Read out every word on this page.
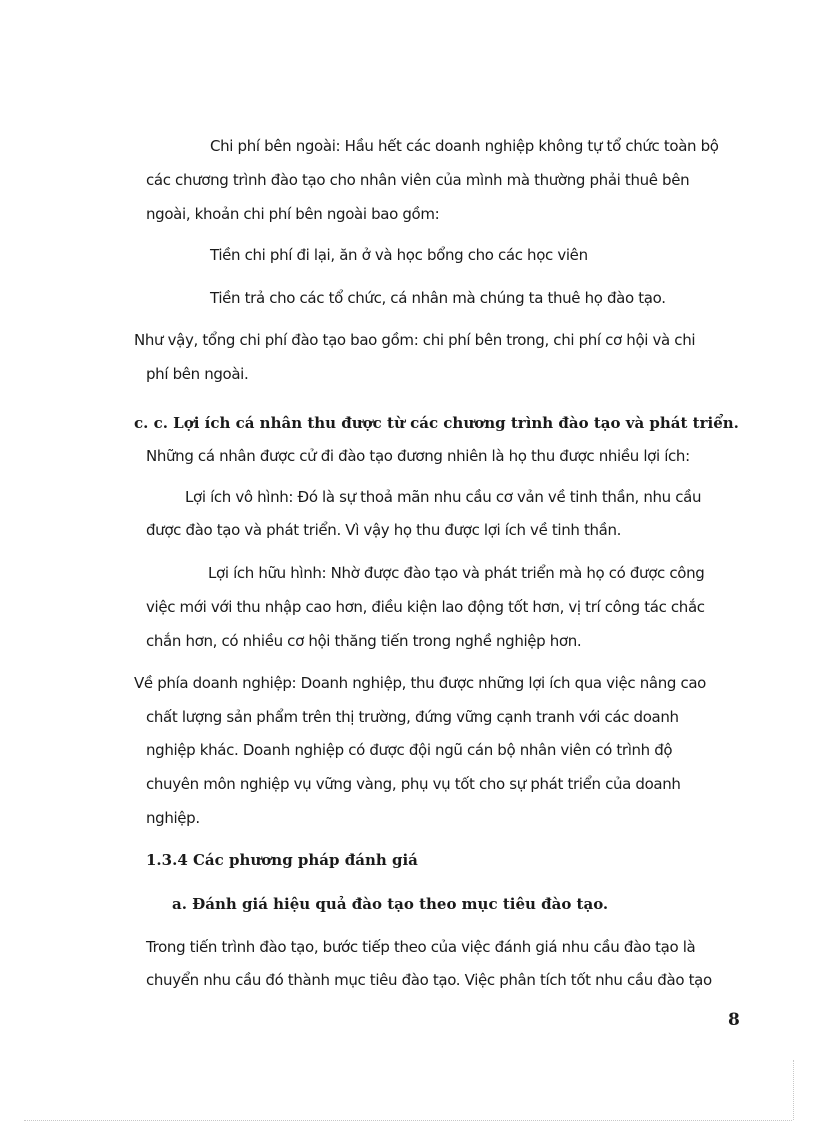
Chi phí bên ngoài: Hầu hết các doanh nghiệp không tự tổ chức toàn bộ
các chương trình đào tạo cho nhân viên của mình mà thường phải thuê bên
ngoài, khoản chi phí bên ngoài bao gồm:
Tiền chi phí đi lại, ăn ở và học bổng cho các học viên
Tiền trả cho các tổ chức, cá nhân mà chúng ta thuê họ đào tạo.
Như vậy, tổng chi phí đào tạo bao gồm: chi phí bên trong, chi phí cơ hội và chi
phí bên ngoài.
c. c. Lợi ích cá nhân thu được từ các chương trình đào tạo và phát triển.
Những cá nhân được cử đi đào tạo đương nhiên là họ thu được nhiều lợi ích:
Lợi ích vô hình: Đó là sự thoả mãn nhu cầu cơ vản về tinh thần, nhu cầu
được đào tạo và phát triển. Vì vậy họ thu được lợi ích về tinh thần.
Lợi ích hữu hình: Nhờ được đào tạo và phát triển mà họ có được công
việc mới với thu nhập cao hơn, điều kiện lao động tốt hơn, vị trí công tác chắc
chắn hơn, có nhiều cơ hội thăng tiến trong nghề nghiệp hơn.
Về phía doanh nghiệp: Doanh nghiệp, thu được những lợi ích qua việc nâng cao
chất lượng sản phẩm trên thị trường, đứng vững cạnh tranh với các doanh
nghiệp khác. Doanh nghiệp có được đội ngũ cán bộ nhân viên có trình độ
chuyên môn nghiệp vụ vững vàng, phụ vụ tốt cho sự phát triển của doanh
nghiệp.
1.3.4 Các phương pháp đánh giá
a. Đánh giá hiệu quả đào tạo theo mục tiêu đào tạo.
Trong tiến trình đào tạo, bước tiếp theo của việc đánh giá nhu cầu đào tạo là
chuyển nhu cầu đó thành mục tiêu đào tạo. Việc phân tích tốt nhu cầu đào tạo
8
